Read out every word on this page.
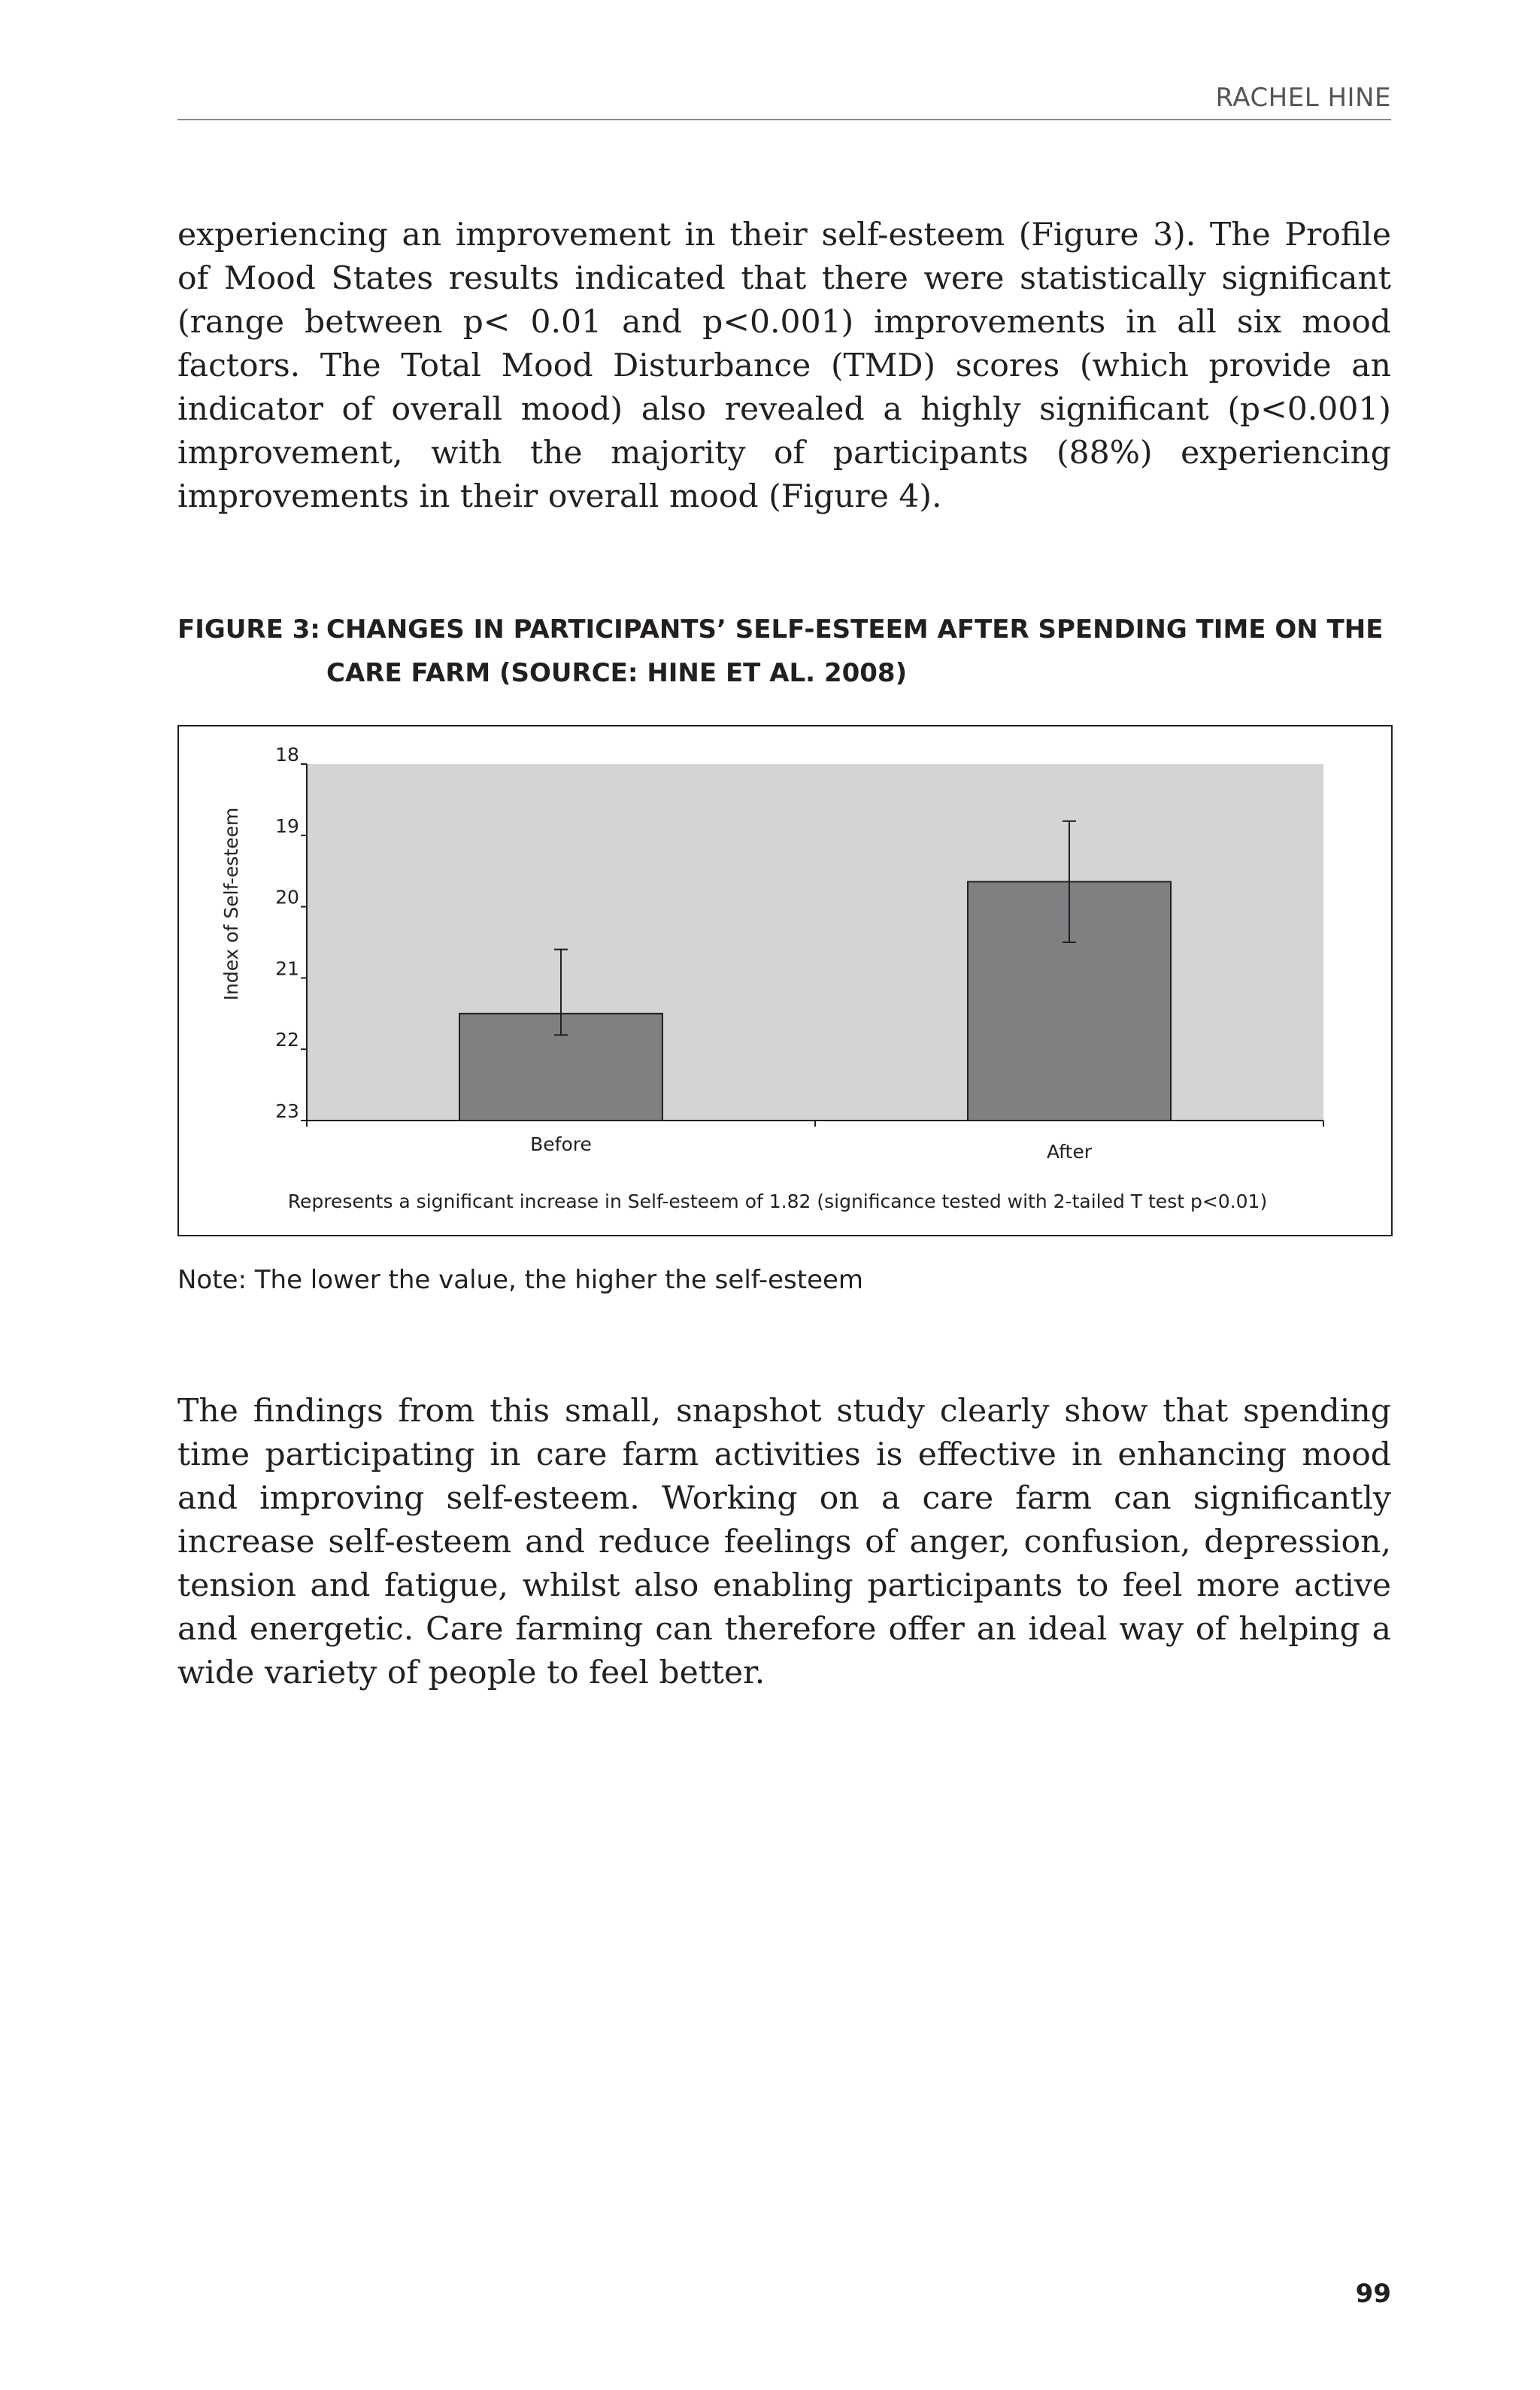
RACHEL HINE

experiencing an improvement in their self-esteem (Figure 3). The Profile of Mood States results indicated that there were statistically significant (range between p< 0.01 and p<0.001) improvements in all six mood factors. The Total Mood Disturbance (TMD) scores (which provide an indicator of overall mood) also revealed a highly significant (p<0.001) improvement, with the majority of participants (88%) experiencing improvements in their overall mood (Figure 4).

FIGURE 3: CHANGES IN PARTICIPANTS’ SELF-ESTEEM AFTER SPENDING TIME ON THE CARE FARM (SOURCE: HINE ET AL. 2008)
18
19
20
21
22
23
Before	After
Index of Self-esteem
Represents a significant increase in Self-esteem of 1.82 (significance tested with 2-tailed T test p<0.01)
Note: The lower the value, the higher the self-esteem

The findings from this small, snapshot study clearly show that spending time participating in care farm activities is effective in enhancing mood and improving self-esteem. Working on a care farm can significantly increase self-esteem and reduce feelings of anger, confusion, depression, tension and fatigue, whilst also enabling participants to feel more active and energetic. Care farming can therefore offer an ideal way of helping a wide variety of people to feel better.

99
